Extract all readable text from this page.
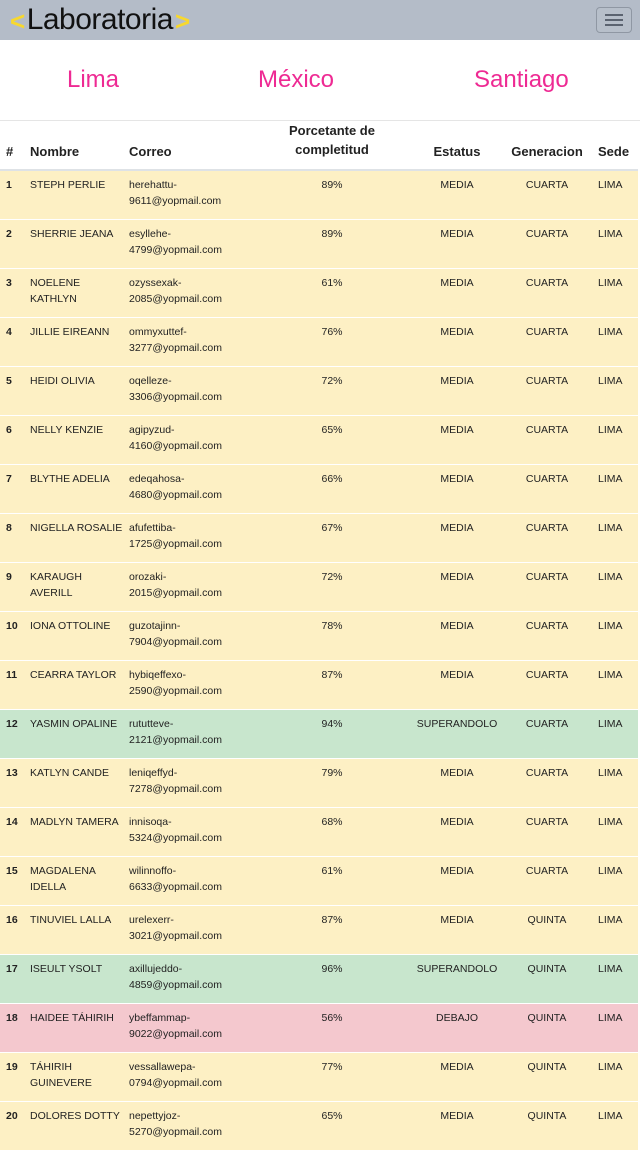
< Laboratoria >
Lima	México	Santiago
#	Nombre	Correo	Porcetante de completitud	Estatus	Generacion	Sede
1	STEPH PERLIE	herehattu-
9611@yopmail.com	89%	MEDIA	CUARTA	LIMA
2	SHERRIE JEANA	esyllehe-
4799@yopmail.com	89%	MEDIA	CUARTA	LIMA
3	NOELENE KATHLYN	ozyssexak-
2085@yopmail.com	61%	MEDIA	CUARTA	LIMA
4	JILLIE EIREANN	ommyxuttef-
3277@yopmail.com	76%	MEDIA	CUARTA	LIMA
5	HEIDI OLIVIA	oqelleze-
3306@yopmail.com	72%	MEDIA	CUARTA	LIMA
6	NELLY KENZIE	agipyzud-
4160@yopmail.com	65%	MEDIA	CUARTA	LIMA
7	BLYTHE ADELIA	edeqahosa-
4680@yopmail.com	66%	MEDIA	CUARTA	LIMA
8	NIGELLA ROSALIE	afufettiba-
1725@yopmail.com	67%	MEDIA	CUARTA	LIMA
9	KARAUGH AVERILL	orozaki-
2015@yopmail.com	72%	MEDIA	CUARTA	LIMA
10	IONA OTTOLINE	guzotajinn-
7904@yopmail.com	78%	MEDIA	CUARTA	LIMA
11	CEARRA TAYLOR	hybiqeffexo-
2590@yopmail.com	87%	MEDIA	CUARTA	LIMA
12	YASMIN OPALINE	rututteve-
2121@yopmail.com	94%	SUPERANDOLO	CUARTA	LIMA
13	KATLYN CANDE	leniqeffyd-
7278@yopmail.com	79%	MEDIA	CUARTA	LIMA
14	MADLYN TAMERA	innisoqa-
5324@yopmail.com	68%	MEDIA	CUARTA	LIMA
15	MAGDALENA IDELLA	wilinnoffo-
6633@yopmail.com	61%	MEDIA	CUARTA	LIMA
16	TINUVIEL LALLA	urelexerr-
3021@yopmail.com	87%	MEDIA	QUINTA	LIMA
17	ISEULT YSOLT	axillujeddo-
4859@yopmail.com	96%	SUPERANDOLO	QUINTA	LIMA
18	HAIDEE TÁHIRIH	ybeffammap-
9022@yopmail.com	56%	DEBAJO	QUINTA	LIMA
19	TÁHIRIH GUINEVERE	vessallawepa-
0794@yopmail.com	77%	MEDIA	QUINTA	LIMA
20	DOLORES DOTTY	nepettyjoz-
5270@yopmail.com	65%	MEDIA	QUINTA	LIMA
